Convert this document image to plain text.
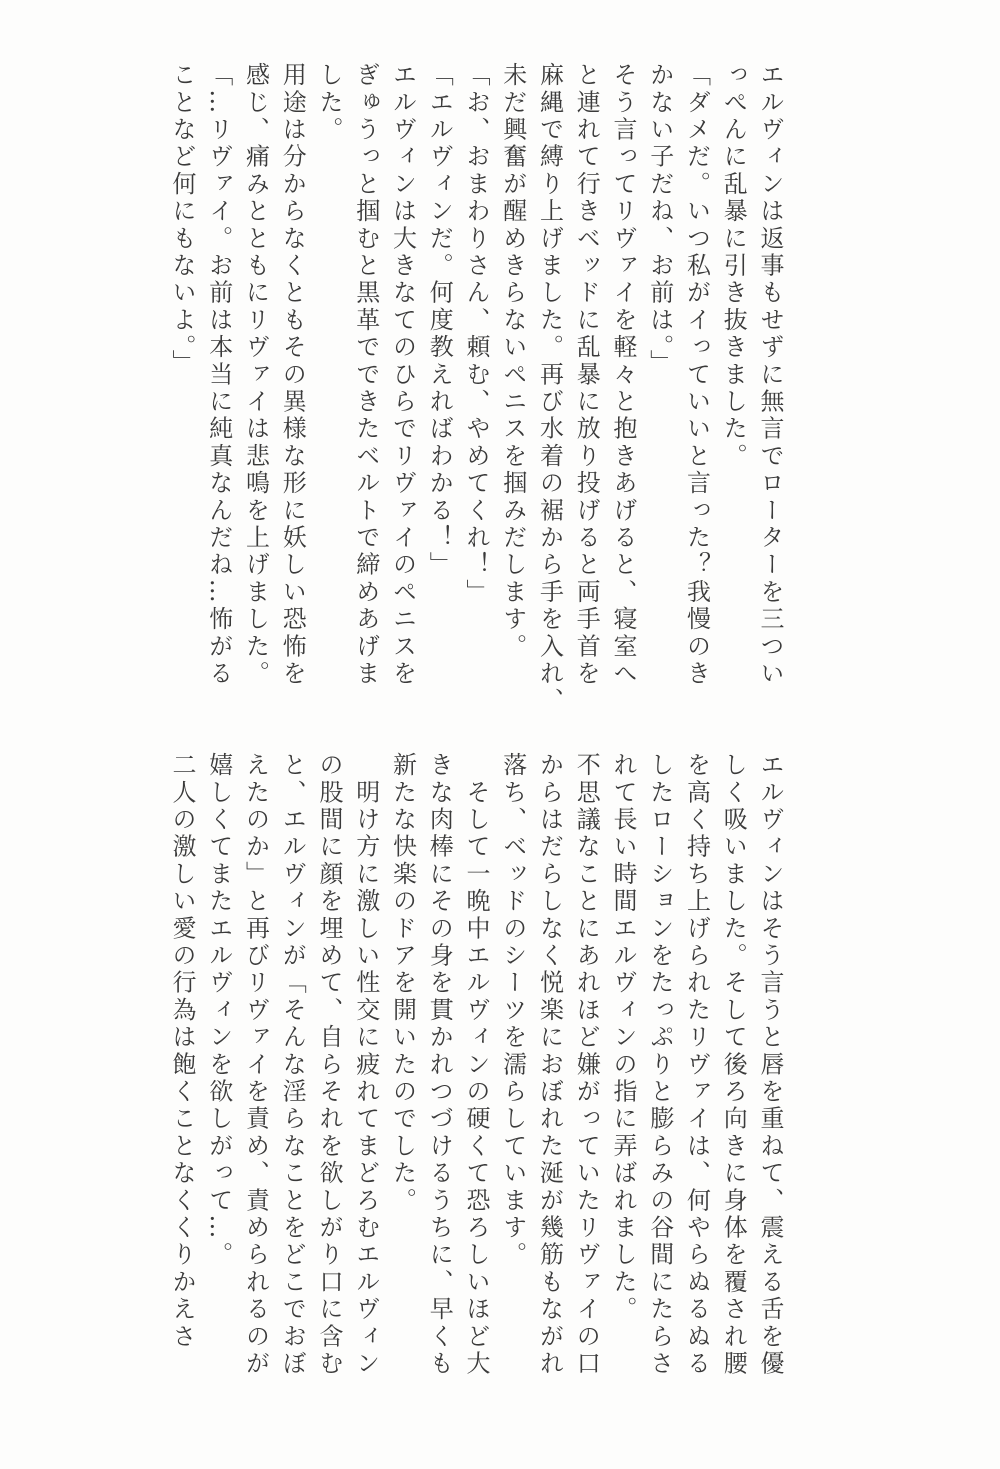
エルヴィンは返事もせずに無言でローターを三つい
っぺんに乱暴に引き抜きました。
「ダメだ。いつ私がイっていいと言った？我慢のき
かない子だね、お前は。」
そう言ってリヴァイを軽々と抱きあげると、寝室へ
と連れて行きベッドに乱暴に放り投げると両手首を
麻縄で縛り上げました。再び水着の裾から手を入れ、
未だ興奮が醒めきらないペニスを掴みだします。
「お、おまわりさん、頼む、やめてくれ！」
「エルヴィンだ。何度教えればわかる！」
エルヴィンは大きなてのひらでリヴァイのペニスを
ぎゅうっと掴むと黒革でできたベルトで締めあげま
した。
用途は分からなくともその異様な形に妖しい恐怖を
感じ、痛みとともにリヴァイは悲鳴を上げました。
「…リヴァイ。お前は本当に純真なんだね…怖がる
ことなど何にもないよ。」
エルヴィンはそう言うと唇を重ねて、震える舌を優
しく吸いました。そして後ろ向きに身体を覆され腰
を高く持ち上げられたリヴァイは、何やらぬるぬる
したローションをたっぷりと膨らみの谷間にたらさ
れて長い時間エルヴィンの指に弄ばれました。
不思議なことにあれほど嫌がっていたリヴァイの口
からはだらしなく悦楽におぼれた涎が幾筋もながれ
落ち、ベッドのシーツを濡らしています。
　そして一晩中エルヴィンの硬くて恐ろしいほど大
きな肉棒にその身を貫かれつづけるうちに、早くも
新たな快楽のドアを開いたのでした。
　明け方に激しい性交に疲れてまどろむエルヴィン
の股間に顔を埋めて、自らそれを欲しがり口に含む
と、エルヴィンが「そんな淫らなことをどこでおぼ
えたのか」と再びリヴァイを責め、責められるのが
嬉しくてまたエルヴィンを欲しがって…。
二人の激しい愛の行為は飽くことなくくりかえさ
